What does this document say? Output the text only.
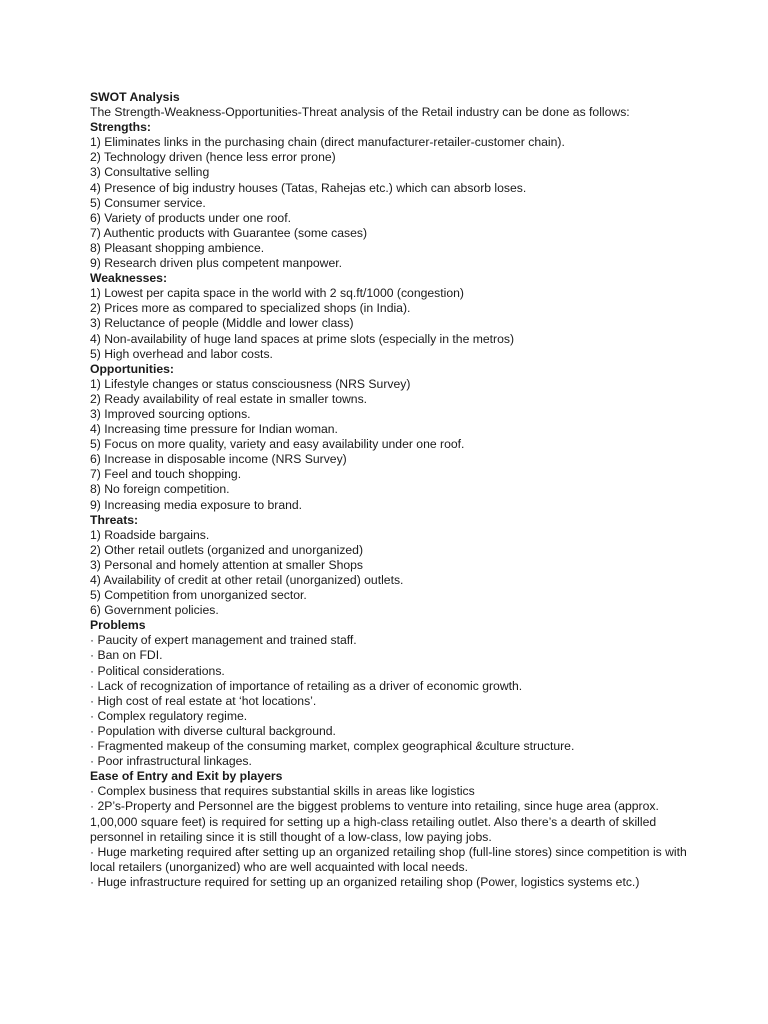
SWOT Analysis
The Strength-Weakness-Opportunities-Threat analysis of the Retail industry can be done as follows:
Strengths:
1) Eliminates links in the purchasing chain (direct manufacturer-retailer-customer chain).
2) Technology driven (hence less error prone)
3) Consultative selling
4) Presence of big industry houses (Tatas, Rahejas etc.) which can absorb loses.
5) Consumer service.
6) Variety of products under one roof.
7) Authentic products with Guarantee (some cases)
8) Pleasant shopping ambience.
9) Research driven plus competent manpower.
Weaknesses:
1) Lowest per capita space in the world with 2 sq.ft/1000 (congestion)
2) Prices more as compared to specialized shops (in India).
3) Reluctance of people (Middle and lower class)
4) Non-availability of huge land spaces at prime slots (especially in the metros)
5) High overhead and labor costs.
Opportunities:
1) Lifestyle changes or status consciousness (NRS Survey)
2) Ready availability of real estate in smaller towns.
3) Improved sourcing options.
4) Increasing time pressure for Indian woman.
5) Focus on more quality, variety and easy availability under one roof.
6) Increase in disposable income (NRS Survey)
7) Feel and touch shopping.
8) No foreign competition.
9) Increasing media exposure to brand.
Threats:
1) Roadside bargains.
2) Other retail outlets (organized and unorganized)
3) Personal and homely attention at smaller Shops
4) Availability of credit at other retail (unorganized) outlets.
5) Competition from unorganized sector.
6) Government policies.
Problems
· Paucity of expert management and trained staff.
· Ban on FDI.
· Political considerations.
· Lack of recognization of importance of retailing as a driver of economic growth.
· High cost of real estate at ‘hot locations’.
· Complex regulatory regime.
· Population with diverse cultural background.
· Fragmented makeup of the consuming market, complex geographical &culture structure.
· Poor infrastructural linkages.
Ease of Entry and Exit by players
· Complex business that requires substantial skills in areas like logistics
· 2P’s-Property and Personnel are the biggest problems to venture into retailing, since huge area (approx. 1,00,000 square feet) is required for setting up a high-class retailing outlet. Also there’s a dearth of skilled personnel in retailing since it is still thought of a low-class, low paying jobs.
· Huge marketing required after setting up an organized retailing shop (full-line stores) since competition is with local retailers (unorganized) who are well acquainted with local needs.
· Huge infrastructure required for setting up an organized retailing shop (Power, logistics systems etc.)
